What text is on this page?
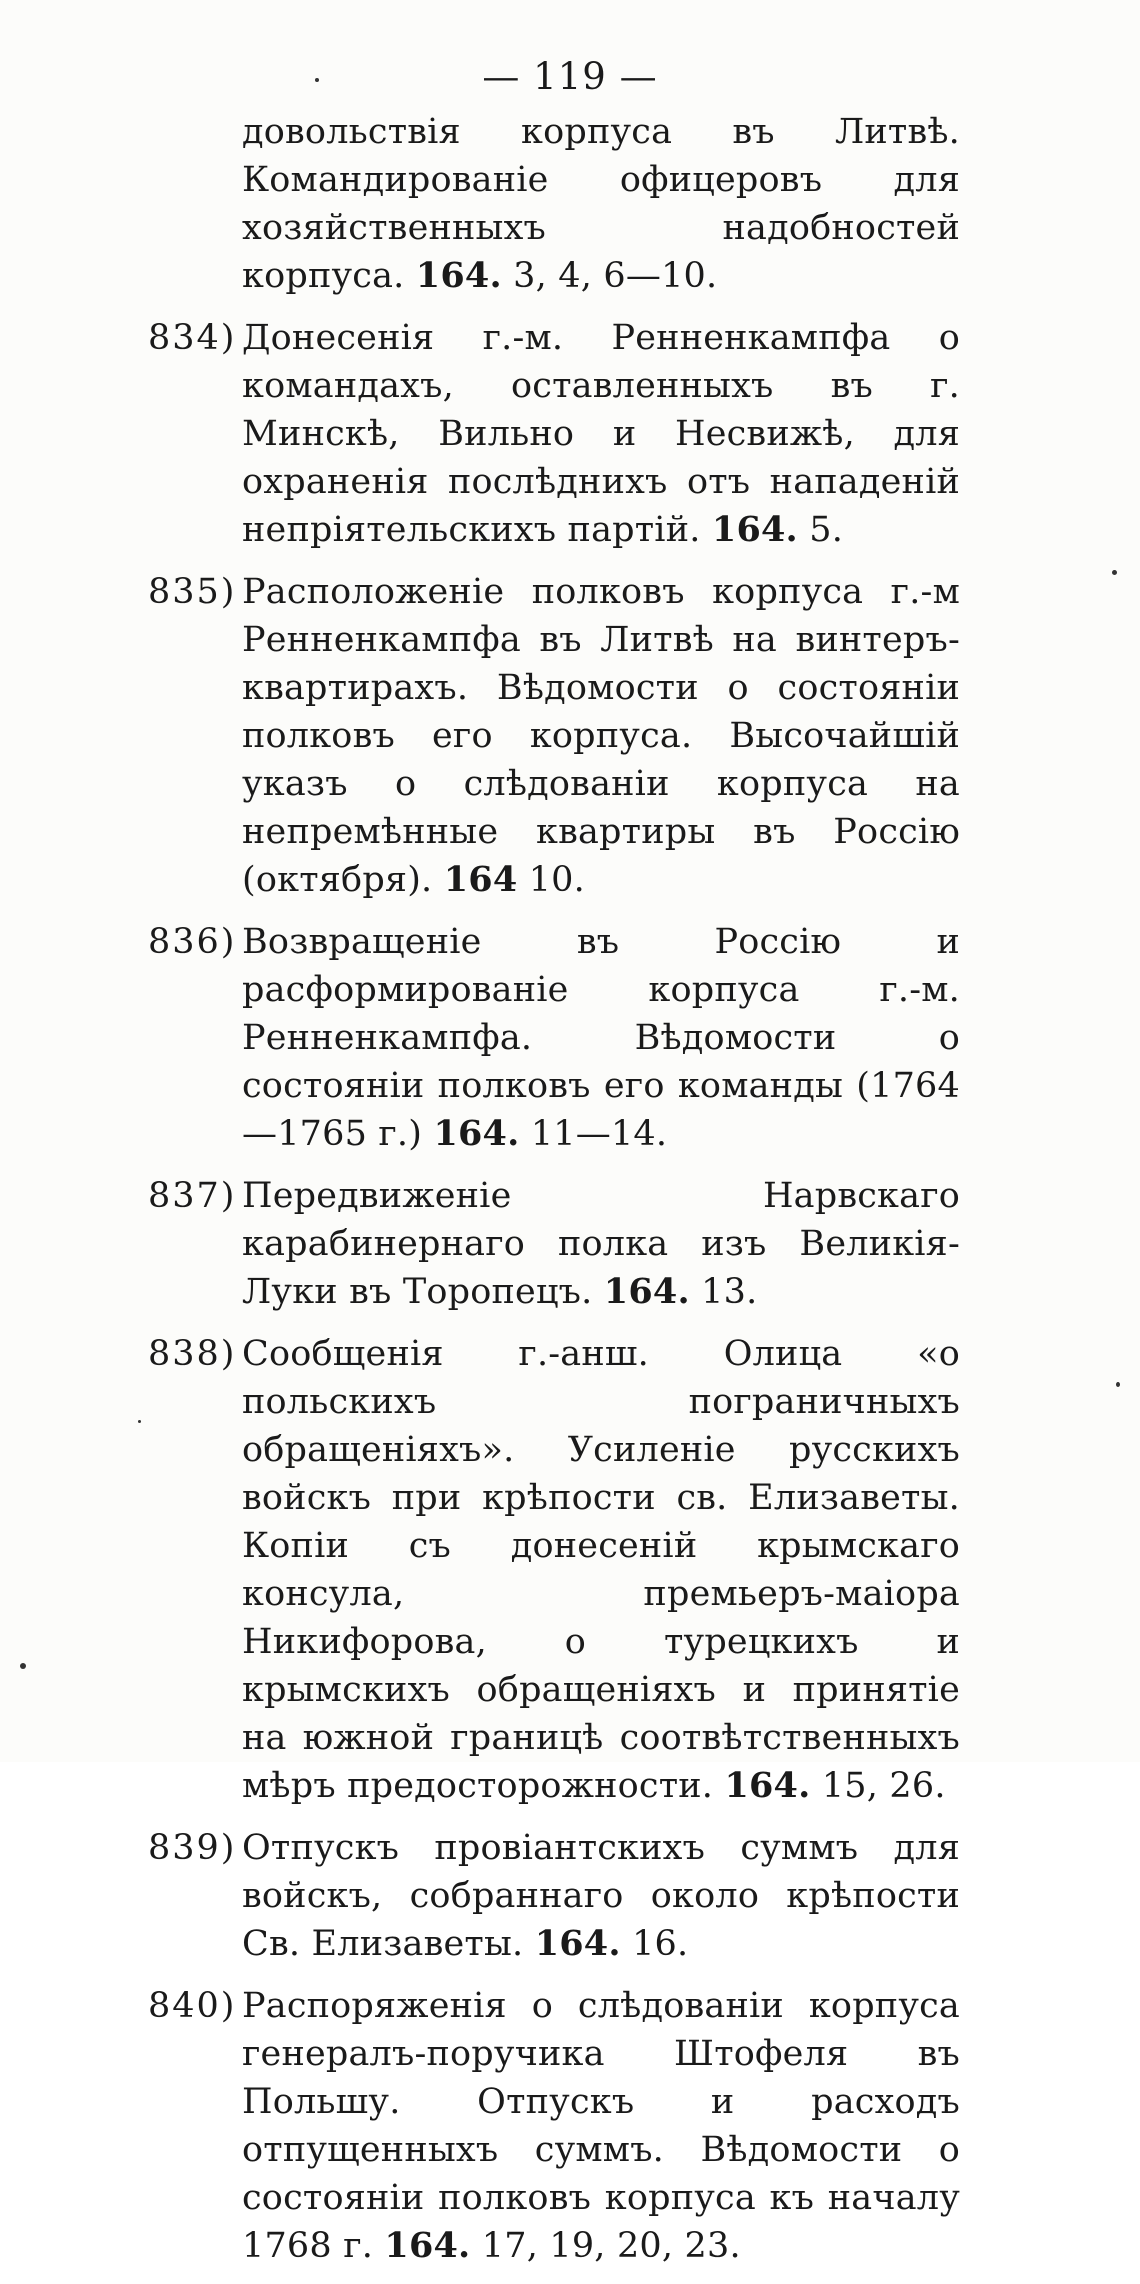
— 119 —
довольствія корпуса въ Литвѣ. Командированіе офицеровъ для хозяйственныхъ надобностей корпуса. 164. 3, 4, 6—10.
834) Донесенія г.-м. Ренненкампфа о командахъ, оставленныхъ въ г. Минскѣ, Вильно и Несвижѣ, для охраненія послѣднихъ отъ нападеній непріятельскихъ партій. 164. 5.
835) Расположеніе полковъ корпуса г.-м Ренненкампфа въ Литвѣ на винтеръ-квартирахъ. Вѣдомости о состояніи полковъ его корпуса. Высочайшій указъ о слѣдованіи корпуса на непремѣнные квартиры въ Россію (октября). 164 10.
836) Возвращеніе въ Россію и расформированіе корпуса г.-м. Ренненкампфа. Вѣдомости о состояніи полковъ его команды (1764—1765 г.) 164. 11—14.
837) Передвиженіе Нарвскаго карабинернаго полка изъ Великія-Луки въ Торопецъ. 164. 13.
838) Сообщенія г.-анш. Олица «о польскихъ пограничныхъ обращеніяхъ». Усиленіе русскихъ войскъ при крѣпости св. Елизаветы. Копіи съ донесеній крымскаго консула, премьеръ-маіора Никифорова, о турецкихъ и крымскихъ обращеніяхъ и принятіе на южной границѣ соотвѣтственныхъ мѣръ предосторожности. 164. 15, 26.
839) Отпускъ провіантскихъ суммъ для войскъ, собраннаго около крѣпости Св. Елизаветы. 164. 16.
840) Распоряженія о слѣдованіи корпуса генералъ-поручика Штофеля въ Польшу. Отпускъ и расходъ отпущенныхъ суммъ. Вѣдомости о состояніи полковъ корпуса къ началу 1768 г. 164. 17, 19, 20, 23.
